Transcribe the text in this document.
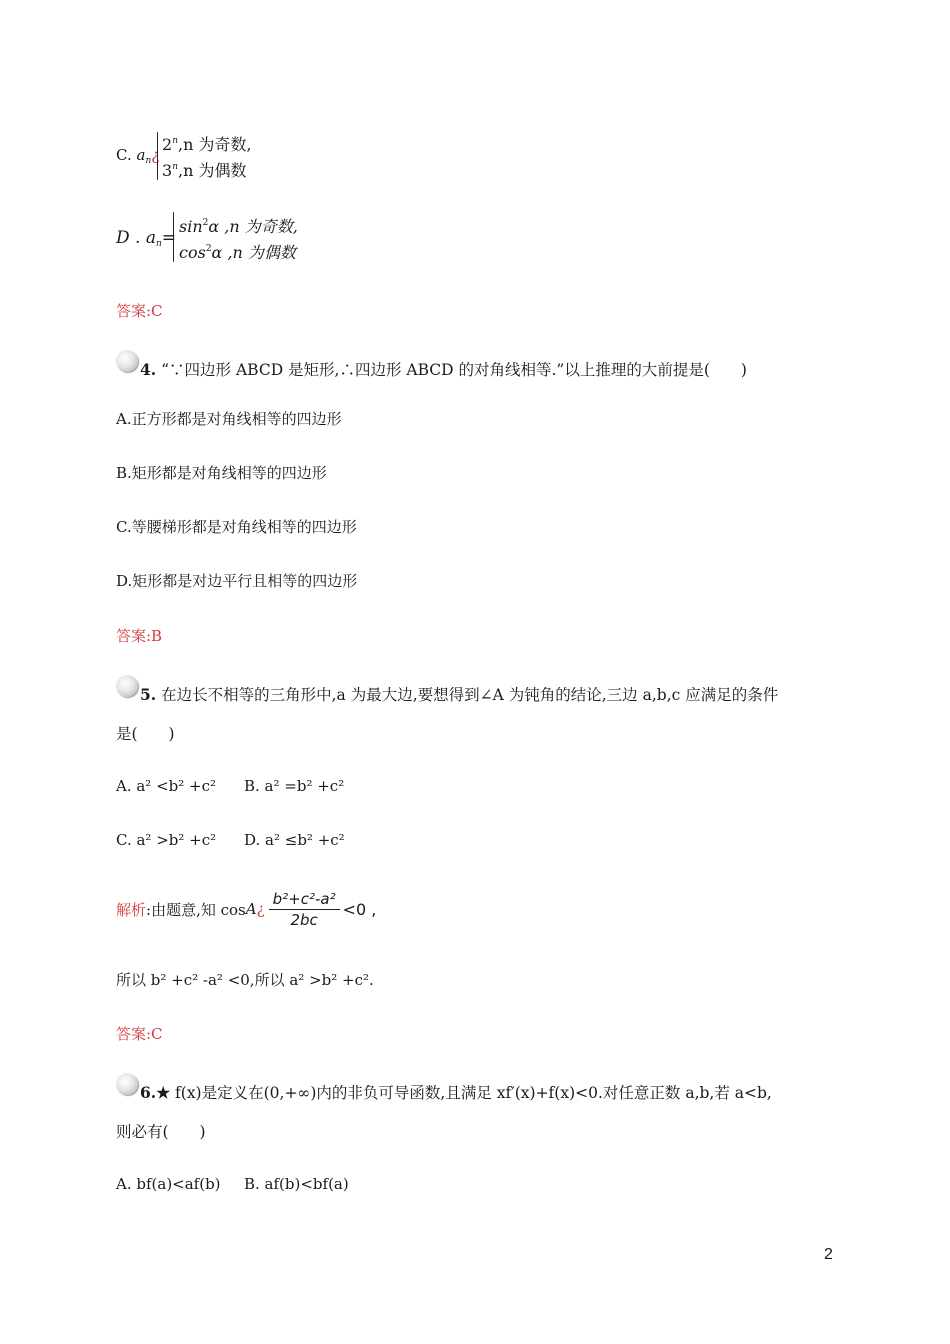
C. $a_n¿$
2$^n$,n 为奇数,
3$^n$,n 为偶数
D . $a_n=$
$\sin^2\alpha$ ,n 为奇数,
$\cos^2\alpha$ ,n 为偶数
答案:C
4. “∵四边形 ABCD 是矩形,∴四边形 ABCD 的对角线相等.”以上推理的大前提是(　　)
A.正方形都是对角线相等的四边形
B.矩形都是对角线相等的四边形
C.等腰梯形都是对角线相等的四边形
D.矩形都是对边平行且相等的四边形
答案:B
5. 在边长不相等的三角形中,a 为最大边,要想得到∠A 为钝角的结论,三边 a,b,c 应满足的条件
是(　　)
A. a² <b² +c² B. a² =b² +c²
C. a² >b² +c² D. a² ≤b² +c²
解析 :由题意,知 cos A ¿ $\frac{\text{b²+c²-a²}}{2bc} <0$ ,
所以 b² +c² -a² <0,所以 a² >b² +c².
答案:C
6.★ f(x)是定义在(0,+∞)内的非负可导函数,且满足 xf′(x)+f(x)<0.对任意正数 a,b,若 a<b,
则必有(　　)
A. bf(a)<af(b) B. af(b)<bf(a)
2
